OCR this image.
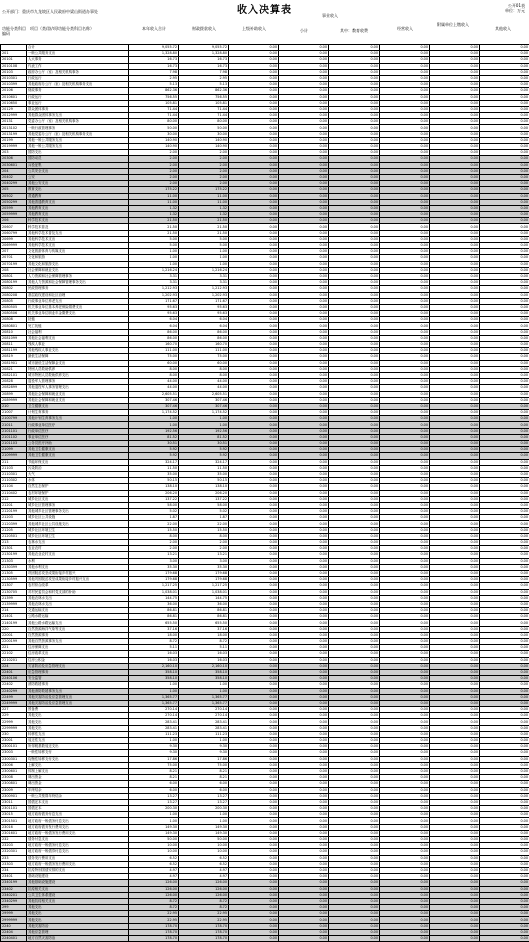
收入决算表	公开01表
单位：万元
公开部门：重庆市九龙坡区人民政府中梁山街道办事处
功能分类科目编码
项目（类/款/项/功能分类科目名称）	本年收入合计	财政拨款收入	上级补助收入
事业收入
小计	其中：教育收费	经营收入
附属单位上缴收入
其他收入
	合计	9,055.72	9,055.72	0.00	0.00	0.00	0.00	0.00	0.00
201	一般公共服务支出	1,328.80	1,328.80	0.00	0.00	0.00	0.00	0.00	0.00
20101	人大事务	16.73	16.73	0.00	0.00	0.00	0.00	0.00	0.00
2010108	代表工作	16.73	16.73	0.00	0.00	0.00	0.00	0.00	0.00
20103	政府办公厅（室）及相关机构事务	7.98	7.98	0.00	0.00	0.00	0.00	0.00	0.00
2010301	行政运行	2.95	2.95	0.00	0.00	0.00	0.00	0.00	0.00
2010399	其他政府办公厅（室）及相关机构事务支出	5.13	5.13	0.00	0.00	0.00	0.00	0.00	0.00
20106	财政事务	862.36	862.36	0.00	0.00	0.00	0.00	0.00	0.00
2010601	行政运行	756.55	756.55	0.00	0.00	0.00	0.00	0.00	0.00
2010650	事业运行	105.81	105.81	0.00	0.00	0.00	0.00	0.00	0.00
20129	群众团体事务	71.44	71.44	0.00	0.00	0.00	0.00	0.00	0.00
2012999	其他群众团体事务支出	71.44	71.44	0.00	0.00	0.00	0.00	0.00	0.00
20131	党委办公厅（室）及相关机构事务	80.00	80.00	0.00	0.00	0.00	0.00	0.00	0.00
2013102	一般行政管理事务	50.00	50.00	0.00	0.00	0.00	0.00	0.00	0.00
2013199	其他党委办公厅（室）及相关机构事务支出	30.00	30.00	0.00	0.00	0.00	0.00	0.00	0.00
20199	其他一般公共服务支出	140.90	140.90	0.00	0.00	0.00	0.00	0.00	0.00
2019999	其他一般公共服务支出	140.90	140.90	0.00	0.00	0.00	0.00	0.00	0.00
203	国防支出	2.00	2.00	0.00	0.00	0.00	0.00	0.00	0.00
20306	国防动员	2.00	2.00	0.00	0.00	0.00	0.00	0.00	0.00
2030601	兵役征集	2.00	2.00	0.00	0.00	0.00	0.00	0.00	0.00
204	公共安全支出	2.00	2.00	0.00	0.00	0.00	0.00	0.00	0.00
20402	公安	2.00	2.00	0.00	0.00	0.00	0.00	0.00	0.00
2040299	其他公安支出	2.00	2.00	0.00	0.00	0.00	0.00	0.00	0.00
205	教育支出	175.22	175.22	0.00	0.00	0.00	0.00	0.00	0.00
20502	普通教育	11.00	11.00	0.00	0.00	0.00	0.00	0.00	0.00
2050299	其他普通教育支出	11.00	11.00	0.00	0.00	0.00	0.00	0.00	0.00
20599	其他教育支出	1.32	1.32	0.00	0.00	0.00	0.00	0.00	0.00
2059999	其他教育支出	1.32	1.32	0.00	0.00	0.00	0.00	0.00	0.00
206	科学技术支出	21.50	21.50	0.00	0.00	0.00	0.00	0.00	0.00
20607	科学技术普及	21.50	21.50	0.00	0.00	0.00	0.00	0.00	0.00
2060799	其他科学技术普及支出	21.50	21.50	0.00	0.00	0.00	0.00	0.00	0.00
20699	其他科学技术支出	5.00	5.00	0.00	0.00	0.00	0.00	0.00	0.00
2069999	其他科学技术支出	5.00	5.00	0.00	0.00	0.00	0.00	0.00	0.00
207	文化旅游体育与传媒支出	1.00	1.00	0.00	0.00	0.00	0.00	0.00	0.00
20701	文化和旅游	1.00	1.00	0.00	0.00	0.00	0.00	0.00	0.00
2070199	其他文化和旅游支出	1.00	1.00	0.00	0.00	0.00	0.00	0.00	0.00
208	社会保障和就业支出	1,216.24	1,216.24	0.00	0.00	0.00	0.00	0.00	0.00
20801	人力资源和社会保障管理事务	3.31	3.31	0.00	0.00	0.00	0.00	0.00	0.00
2080199	其他人力资源和社会保障管理事务支出	3.31	3.31	0.00	0.00	0.00	0.00	0.00	0.00
20802	民政管理事务	1,212.93	1,212.93	0.00	0.00	0.00	0.00	0.00	0.00
2080208	基层政权建设和社区治理	1,202.93	1,202.93	0.00	0.00	0.00	0.00	0.00	0.00
20805	行政事业单位养老支出	171.67	171.67	0.00	0.00	0.00	0.00	0.00	0.00
2080505	机关事业单位基本养老保险缴费支出	95.63	95.63	0.00	0.00	0.00	0.00	0.00	0.00
2080506	机关事业单位职业年金缴费支出	95.63	95.63	0.00	0.00	0.00	0.00	0.00	0.00
20808	抚恤	6.04	6.04	0.00	0.00	0.00	0.00	0.00	0.00
2080801	死亡抚恤	6.04	6.04	0.00	0.00	0.00	0.00	0.00	0.00
20810	社会福利	86.00	86.00	0.00	0.00	0.00	0.00	0.00	0.00
2081099	其他社会福利支出	86.00	86.00	0.00	0.00	0.00	0.00	0.00	0.00
20811	残疾人事业	160.70	160.70	0.00	0.00	0.00	0.00	0.00	0.00
2081199	其他残疾人事业支出	111.00	111.00	0.00	0.00	0.00	0.00	0.00	0.00
20819	最低生活保障	75.00	75.00	0.00	0.00	0.00	0.00	0.00	0.00
2081901	城市最低生活保障金支出	60.00	60.00	0.00	0.00	0.00	0.00	0.00	0.00
20821	特困人员救助供养	8.00	8.00	0.00	0.00	0.00	0.00	0.00	0.00
2082101	城市特困人员救助供养支出	8.00	8.00	0.00	0.00	0.00	0.00	0.00	0.00
20828	退役军人管理事务	44.00	44.00	0.00	0.00	0.00	0.00	0.00	0.00
2082899	其他退役军人事务管理支出	44.00	44.00	0.00	0.00	0.00	0.00	0.00	0.00
20899	其他社会保障和就业支出	2,605.51	2,605.51	0.00	0.00	0.00	0.00	0.00	0.00
2089999	其他社会保障和就业支出	307.46	307.46	0.00	0.00	0.00	0.00	0.00	0.00
210	卫生健康支出	307.46	307.46	0.00	0.00	0.00	0.00	0.00	0.00
21007	计划生育事务	1,174.52	1,174.52	0.00	0.00	0.00	0.00	0.00	0.00
2100799	其他计划生育事务支出	1.00	1.00	0.00	0.00	0.00	0.00	0.00	0.00
21011	行政事业单位医疗	1.00	1.00	0.00	0.00	0.00	0.00	0.00	0.00
2101101	行政单位医疗	192.56	192.56	0.00	0.00	0.00	0.00	0.00	0.00
2101102	事业单位医疗	81.52	81.52	0.00	0.00	0.00	0.00	0.00	0.00
2101103	公务员医疗补助	30.51	30.51	0.00	0.00	0.00	0.00	0.00	0.00
21099	其他卫生健康支出	5.92	5.92	0.00	0.00	0.00	0.00	0.00	0.00
2109999	其他卫生健康支出	5.92	5.92	0.00	0.00	0.00	0.00	0.00	0.00
211	节能环保支出	324.17	324.17	0.00	0.00	0.00	0.00	0.00	0.00
21103	污染防治	11.50	11.50	0.00	0.00	0.00	0.00	0.00	0.00
2110301	大气	35.00	35.00	0.00	0.00	0.00	0.00	0.00	0.00
2110302	水体	50.15	50.15	0.00	0.00	0.00	0.00	0.00	0.00
21104	自然生态保护	138.10	138.10	0.00	0.00	0.00	0.00	0.00	0.00
2110402	农村环境保护	206.20	206.20	0.00	0.00	0.00	0.00	0.00	0.00
212	城乡社区支出	137.22	137.22	0.00	0.00	0.00	0.00	0.00	0.00
21201	城乡社区管理事务	58.00	58.00	0.00	0.00	0.00	0.00	0.00	0.00
2120199	其他城乡社区管理事务支出	5.02	5.02	0.00	0.00	0.00	0.00	0.00	0.00
21203	城乡社区公共设施	1.87	1.87	0.00	0.00	0.00	0.00	0.00	0.00
2120399	其他城乡社区公共设施支出	22.00	22.00	0.00	0.00	0.00	0.00	0.00	0.00
21205	城乡社区环境卫生	15.50	15.50	0.00	0.00	0.00	0.00	0.00	0.00
2120501	城乡社区环境卫生	8.00	8.00	0.00	0.00	0.00	0.00	0.00	0.00
213	农林水支出	2.00	2.00	0.00	0.00	0.00	0.00	0.00	0.00
21301	农业农村	2.00	2.00	0.00	0.00	0.00	0.00	0.00	0.00
2130199	其他农业农村支出	13.21	13.21	0.00	0.00	0.00	0.00	0.00	0.00
21303	水利	3.00	3.00	0.00	0.00	0.00	0.00	0.00	0.00
2130399	其他水利支出	35.30	35.30	0.00	0.00	0.00	0.00	0.00	0.00
21305	巩固脱贫攻坚成果衔接乡村振兴	179.68	179.68	0.00	0.00	0.00	0.00	0.00	0.00
2130599	其他巩固脱贫攻坚成果衔接乡村振兴支出	179.68	179.68	0.00	0.00	0.00	0.00	0.00	0.00
21307	农村综合改革	1,217.25	1,217.25	0.00	0.00	0.00	0.00	0.00	0.00
2130705	对村民委员会和村党支部的补助	1,038.01	1,038.01	0.00	0.00	0.00	0.00	0.00	0.00
21399	其他农林水支出	144.75	144.75	0.00	0.00	0.00	0.00	0.00	0.00
2139999	其他农林水支出	36.00	36.00	0.00	0.00	0.00	0.00	0.00	0.00
214	交通运输支出	86.81	86.81	0.00	0.00	0.00	0.00	0.00	0.00
21401	公路水路运输	86.81	86.81	0.00	0.00	0.00	0.00	0.00	0.00
2140199	其他公路水路运输支出	655.50	655.50	0.00	0.00	0.00	0.00	0.00	0.00
220	自然资源海洋气象等支出	37.16	37.16	0.00	0.00	0.00	0.00	0.00	0.00
22001	自然资源事务	18.00	18.00	0.00	0.00	0.00	0.00	0.00	0.00
2200199	其他自然资源事务支出	8.72	8.72	0.00	0.00	0.00	0.00	0.00	0.00
221	住房保障支出	5.11	5.11	0.00	0.00	0.00	0.00	0.00	0.00
22102	住房改革支出	16.03	16.03	0.00	0.00	0.00	0.00	0.00	0.00
2210201	住房公积金	16.03	16.03	0.00	0.00	0.00	0.00	0.00	0.00
224	灾害防治及应急管理支出	2,160.10	2,160.10	0.00	0.00	0.00	0.00	0.00	0.00
22401	应急管理事务	358.10	358.10	0.00	0.00	0.00	0.00	0.00	0.00
2240106	安全监管	358.10	358.10	0.00	0.00	0.00	0.00	0.00	0.00
22402	消防救援事务	1.00	1.00	0.00	0.00	0.00	0.00	0.00	0.00
2240299	其他消防救援事务支出	1.00	1.00	0.00	0.00	0.00	0.00	0.00	0.00
22499	其他灾害防治及应急管理支出	1,365.77	1,365.77	0.00	0.00	0.00	0.00	0.00	0.00
2249999	其他灾害防治及应急管理支出	1,365.77	1,365.77	0.00	0.00	0.00	0.00	0.00	0.00
227	预备费	270.14	270.14	0.00	0.00	0.00	0.00	0.00	0.00
229	其他支出	270.14	270.14	0.00	0.00	0.00	0.00	0.00	0.00
22999	其他支出	283.41	283.41	0.00	0.00	0.00	0.00	0.00	0.00
2299999	其他支出	283.41	283.41	0.00	0.00	0.00	0.00	0.00	0.00
230	转移性支出	111.23	111.23	0.00	0.00	0.00	0.00	0.00	0.00
23001	返还性支出	1.00	1.00	0.00	0.00	0.00	0.00	0.00	0.00
2300101	所得税基数返还支出	9.30	9.30	0.00	0.00	0.00	0.00	0.00	0.00
23003	一般性转移支付	9.30	9.30	0.00	0.00	0.00	0.00	0.00	0.00
2300301	均衡性转移支付支出	17.86	17.86	0.00	0.00	0.00	0.00	0.00	0.00
23006	上解支出	75.00	75.00	0.00	0.00	0.00	0.00	0.00	0.00
2300601	体制上解支出	8.21	8.21	0.00	0.00	0.00	0.00	0.00	0.00
23008	调出资金	8.21	8.21	0.00	0.00	0.00	0.00	0.00	0.00
2300801	调出资金	6.00	6.00	0.00	0.00	0.00	0.00	0.00	0.00
23009	年终结余	6.00	6.00	0.00	0.00	0.00	0.00	0.00	0.00
2300901	一般公共预算年终结余	13.27	13.27	0.00	0.00	0.00	0.00	0.00	0.00
23011	国债还本支出	13.27	13.27	0.00	0.00	0.00	0.00	0.00	0.00
2301101	国债还本	200.30	200.30	0.00	0.00	0.00	0.00	0.00	0.00
23015	地方政府债务付息支出	1.00	1.00	0.00	0.00	0.00	0.00	0.00	0.00
2301501	地方政府一般债务付息支出	1.00	1.00	0.00	0.00	0.00	0.00	0.00	0.00
23016	地方政府债务发行费用支出	149.30	149.30	0.00	0.00	0.00	0.00	0.00	0.00
2301601	地方政府一般债务发行费用支出	149.30	149.30	0.00	0.00	0.00	0.00	0.00	0.00
232	债务付息支出	50.00	50.00	0.00	0.00	0.00	0.00	0.00	0.00
23203	地方政府一般债务付息支出	10.00	10.00	0.00	0.00	0.00	0.00	0.00	0.00
2320301	地方政府一般债券付息支出	10.00	10.00	0.00	0.00	0.00	0.00	0.00	0.00
233	债务发行费用支出	6.52	6.52	0.00	0.00	0.00	0.00	0.00	0.00
23303	地方政府一般债务发行费用支出	6.52	6.52	0.00	0.00	0.00	0.00	0.00	0.00
234	抗疫特别国债安排的支出	4.97	4.97	0.00	0.00	0.00	0.00	0.00	0.00
23401	基础设施建设	4.97	4.97	0.00	0.00	0.00	0.00	0.00	0.00
2340199	其他基础设施建设	126.00	126.00	0.00	0.00	0.00	0.00	0.00	0.00
23402	抗疫相关支出	126.00	126.00	0.00	0.00	0.00	0.00	0.00	0.00
2340201	公共卫生体系建设	126.00	126.00	0.00	0.00	0.00	0.00	0.00	0.00
2340299	其他抗疫相关支出	8.72	8.72	0.00	0.00	0.00	0.00	0.00	0.00
299	其他支出	8.72	8.72	0.00	0.00	0.00	0.00	0.00	0.00
29999	其他支出	22.95	22.95	0.00	0.00	0.00	0.00	0.00	0.00
2999999	其他支出	22.95	22.95	0.00	0.00	0.00	0.00	0.00	0.00
2240	其他灾害防治	178.70	178.70	0.00	0.00	0.00	0.00	0.00	0.00
22404	其他应急管理	178.70	178.70	0.00	0.00	0.00	0.00	0.00	0.00
2240401	地方自然灾害防治	178.70	178.70	0.00	0.00	0.00	0.00	0.00	0.00
